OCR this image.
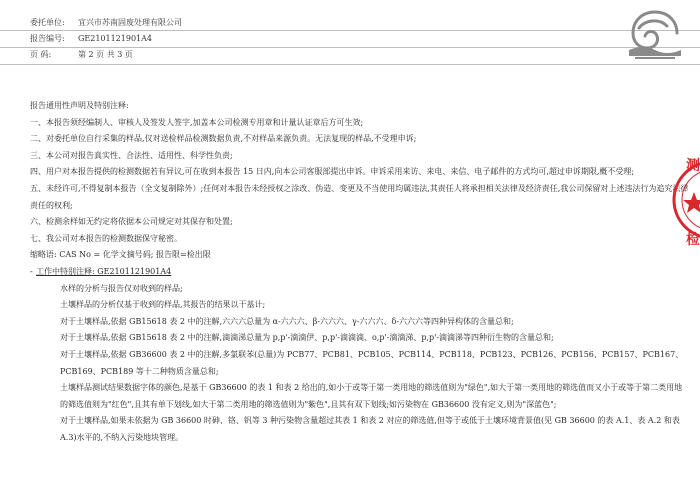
委托单位:	宜兴市苏南固废处理有限公司
报告编号:	GE2101121901A4
页 码:	第 2 页 共 3 页

报告通用性声明及特别注释:

一、本报告须经编制人、审核人及签发人签字,加盖本公司检测专用章和计量认证章后方可生效;

二、对委托单位自行采集的样品,仅对送检样品检测数据负责,不对样品来源负责。无法复现的样品,不受理申诉;

三、本公司对报告真实性、合法性、适用性、科学性负责;

四、用户对本报告提供的检测数据若有异议,可在收到本报告 15 日内,向本公司客服部提出申诉。申诉采用来访、来电、来信、电子邮件的方式均可,超过申诉期限,概不受理;

五、未经许可,不得复制本报告（全文复制除外）;任何对本报告未经授权之涂改、伪造、变更及不当使用均属违法,其责任人将承担相关法律及经济责任,我公司保留对上述违法行为追究法律责任的权利;

六、检测余样如无约定将依据本公司规定对其保存和处置;

七、我公司对本报告的检测数据保守秘密。

缩略语: CAS No = 化学文摘号码; 报告限=检出限

- 工作中特别注释: GE2101121901A4

水样的分析与报告仅对收到的样品;

土壤样品的分析仅基于收到的样品,其报告的结果以干基计;

对于土壤样品,依据 GB15618 表 2 中的注解,六六六总量为 α-六六六、β-六六六、γ-六六六、δ-六六六等四种异构体的含量总和;

对于土壤样品,依据 GB15618 表 2 中的注解,滴滴涕总量为 p,p'-滴滴伊、p,p'-滴滴滴、o,p'-滴滴涕、p,p'-滴滴涕等四种衍生物的含量总和;

对于土壤样品,依据 GB36600 表 2 中的注解,多氯联苯(总量)为 PCB77、PCB81、PCB105、PCB114、PCB118、PCB123、PCB126、PCB156、PCB157、PCB167、PCB169、PCB189 等十二种物质含量总和;

土壤样品测试结果数据字体的颜色,是基于 GB36600 的表 1 和表 2 给出的,如小于或等于第一类用地的筛选值则为"绿色",如大于第一类用地的筛选值而又小于或等于第二类用地的筛选值则为"红色",且其有单下划线,如大于第二类用地的筛选值则为"紫色",且其有双下划线;如污染物在 GB36600 没有定义,则为"深蓝色";

对于土壤样品,如果未依据为 GB 36600 时砷、铬、钒等 3 种污染物含量超过其表 1 和表 2 对应的筛选值,但等于或低于土壤环境背景值(见 GB 36600 的表 A.1、表 A.2 和表 A.3)水平的,不纳入污染地块管理。

测
检
